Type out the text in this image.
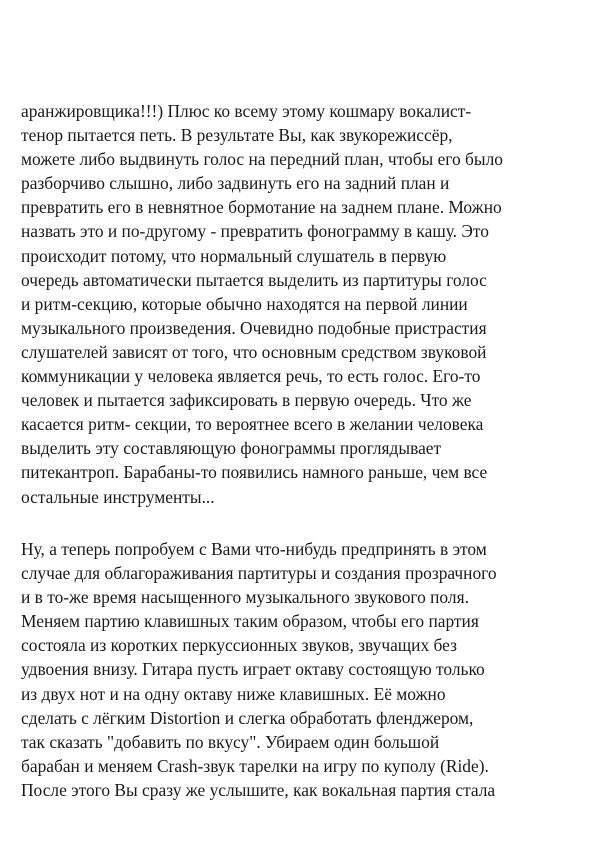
аранжировщика!!!) Плюс ко всему этому кошмару вокалист-
тенор пытается петь. В результате Вы, как звукорежиссёр,
можете либо выдвинуть голос на передний план, чтобы его было
разборчиво слышно, либо задвинуть его на задний план и
превратить его в невнятное бормотание на заднем плане. Можно
назвать это и по-другому - превратить фонограмму в кашу. Это
происходит потому, что нормальный слушатель в первую
очередь автоматически пытается выделить из партитуры голос
и ритм-секцию, которые обычно находятся на первой линии
музыкального произведения. Очевидно подобные пристрастия
слушателей зависят от того, что основным средством звуковой
коммуникации у человека является речь, то есть голос. Его-то
человек и пытается зафиксировать в первую очередь. Что же
касается ритм- секции, то вероятнее всего в желании человека
выделить эту составляющую фонограммы проглядывает
питекантроп. Барабаны-то появились намного раньше, чем все
остальные инструменты...
Ну, а теперь попробуем с Вами что-нибудь предпринять в этом
случае для облагораживания партитуры и создания прозрачного
и в то-же время насыщенного музыкального звукового поля.
Меняем партию клавишных таким образом, чтобы его партия
состояла из коротких перкуссионных звуков, звучащих без
удвоения внизу. Гитара пусть играет октаву состоящую только
из двух нот и на одну октаву ниже клавишных. Её можно
сделать с лёгким Distortion и слегка обработать фленджером,
так сказать "добавить по вкусу". Убираем один большой
барабан и меняем Crash-звук тарелки на игру по куполу (Ride).
После этого Вы сразу же услышите, как вокальная партия стала
